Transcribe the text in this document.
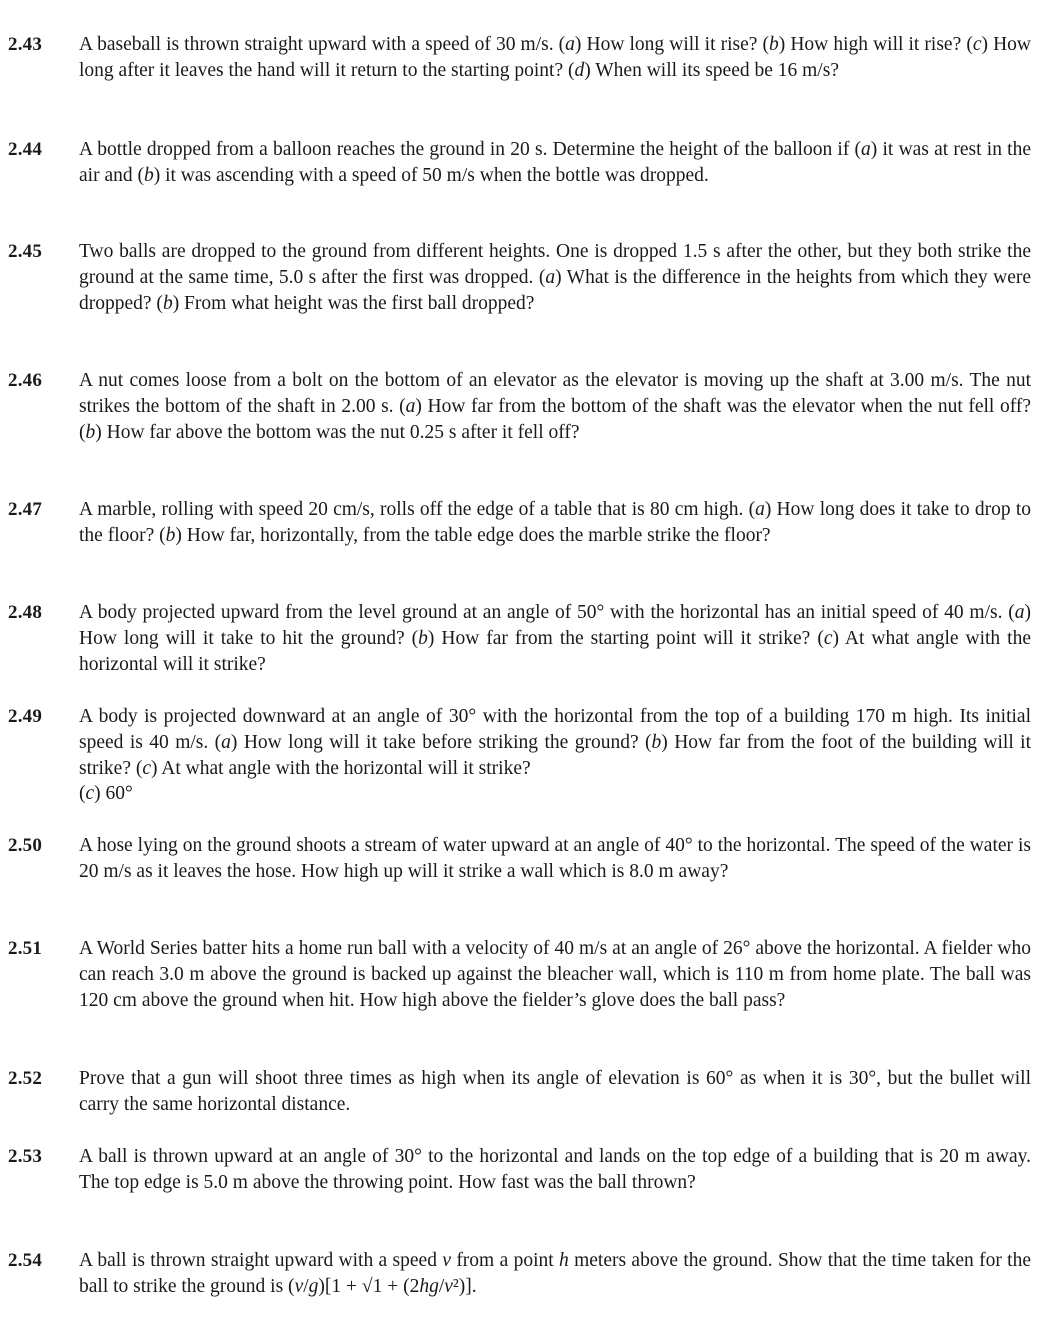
2.43 A baseball is thrown straight upward with a speed of 30 m/s. (a) How long will it rise? (b) How high will it rise? (c) How long after it leaves the hand will it return to the starting point? (d) When will its speed be 16 m/s?
2.44 A bottle dropped from a balloon reaches the ground in 20 s. Determine the height of the balloon if (a) it was at rest in the air and (b) it was ascending with a speed of 50 m/s when the bottle was dropped.
2.45 Two balls are dropped to the ground from different heights. One is dropped 1.5 s after the other, but they both strike the ground at the same time, 5.0 s after the first was dropped. (a) What is the difference in the heights from which they were dropped? (b) From what height was the first ball dropped?
2.46 A nut comes loose from a bolt on the bottom of an elevator as the elevator is moving up the shaft at 3.00 m/s. The nut strikes the bottom of the shaft in 2.00 s. (a) How far from the bottom of the shaft was the elevator when the nut fell off? (b) How far above the bottom was the nut 0.25 s after it fell off?
2.47 A marble, rolling with speed 20 cm/s, rolls off the edge of a table that is 80 cm high. (a) How long does it take to drop to the floor? (b) How far, horizontally, from the table edge does the marble strike the floor?
2.48 A body projected upward from the level ground at an angle of 50° with the horizontal has an initial speed of 40 m/s. (a) How long will it take to hit the ground? (b) How far from the starting point will it strike? (c) At what angle with the horizontal will it strike?
2.49 A body is projected downward at an angle of 30° with the horizontal from the top of a building 170 m high. Its initial speed is 40 m/s. (a) How long will it take before striking the ground? (b) How far from the foot of the building will it strike? (c) At what angle with the horizontal will it strike?
(c) 60°
2.50 A hose lying on the ground shoots a stream of water upward at an angle of 40° to the horizontal. The speed of the water is 20 m/s as it leaves the hose. How high up will it strike a wall which is 8.0 m away?
2.51 A World Series batter hits a home run ball with a velocity of 40 m/s at an angle of 26° above the horizontal. A fielder who can reach 3.0 m above the ground is backed up against the bleacher wall, which is 110 m from home plate. The ball was 120 cm above the ground when hit. How high above the fielder’s glove does the ball pass?
2.52 Prove that a gun will shoot three times as high when its angle of elevation is 60° as when it is 30°, but the bullet will carry the same horizontal distance.
2.53 A ball is thrown upward at an angle of 30° to the horizontal and lands on the top edge of a building that is 20 m away. The top edge is 5.0 m above the throwing point. How fast was the ball thrown?
2.54 A ball is thrown straight upward with a speed v from a point h meters above the ground. Show that the time taken for the ball to strike the ground is (v/g)[1 + √1 + (2hg/v²)].
